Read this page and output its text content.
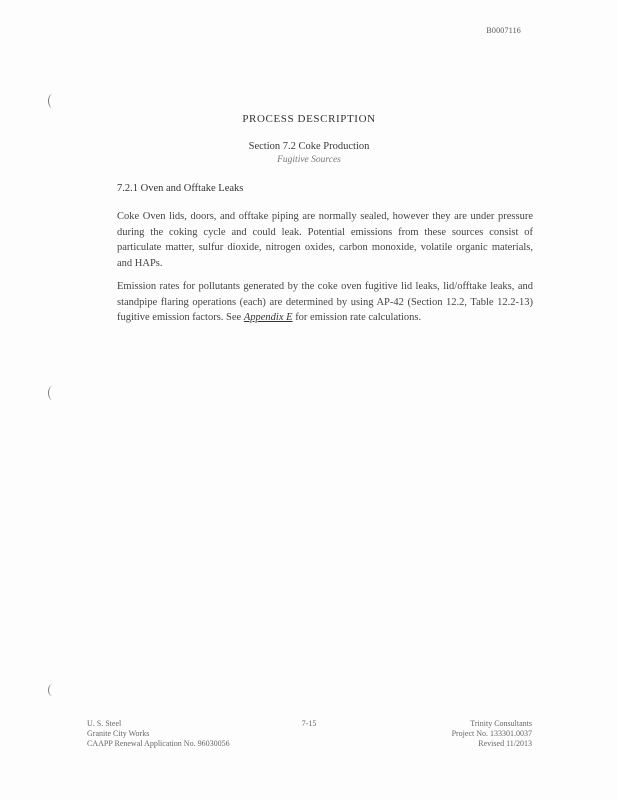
B0007116
PROCESS DESCRIPTION
Section 7.2 Coke Production
Fugitive Sources
7.2.1 Oven and Offtake Leaks

Coke Oven lids, doors, and offtake piping are normally sealed, however they are under pressure during the coking cycle and could leak. Potential emissions from these sources consist of particulate matter, sulfur dioxide, nitrogen oxides, carbon monoxide, volatile organic materials, and HAPs.

Emission rates for pollutants generated by the coke oven fugitive lid leaks, lid/offtake leaks, and standpipe flaring operations (each) are determined by using AP-42 (Section 12.2, Table 12.2-13) fugitive emission factors. See Appendix E for emission rate calculations.

U. S. Steel
Granite City Works
CAAPP Renewal Application No. 96030056
7-15	Trinity Consultants
Project No. 133301.0037
Revised 11/2013
